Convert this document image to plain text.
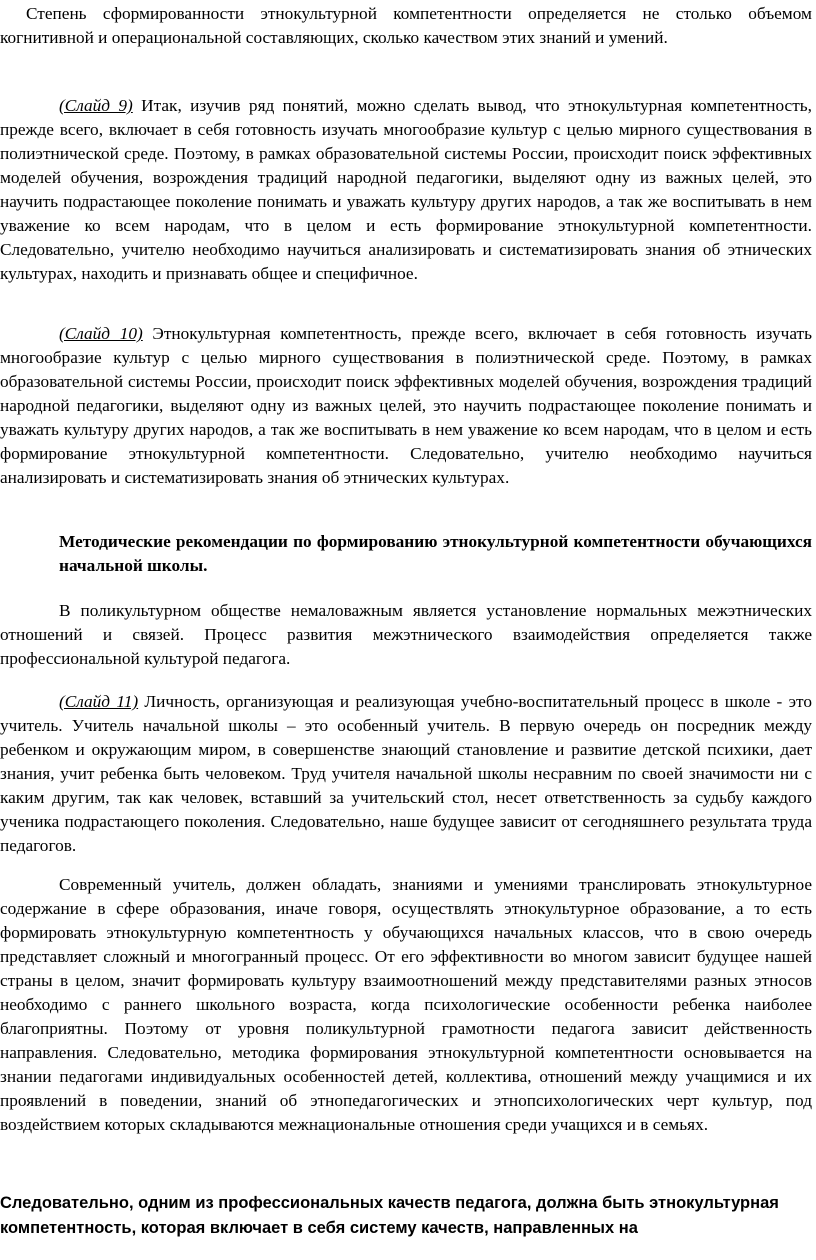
Степень сформированности этнокультурной компетентности определяется не столько объемом когнитивной и операциональной составляющих, сколько качеством этих знаний и умений.

(Слайд 9) Итак, изучив ряд понятий, можно сделать вывод, что этнокультурная компетентность, прежде всего, включает в себя готовность изучать многообразие культур с целью мирного существования в полиэтнической среде. Поэтому, в рамках образовательной системы России, происходит поиск эффективных моделей обучения, возрождения традиций народной педагогики, выделяют одну из важных целей, это научить подрастающее поколение понимать и уважать культуру других народов, а так же воспитывать в нем уважение ко всем народам, что в целом и есть формирование этнокультурной компетентности. Следовательно, учителю необходимо научиться анализировать и систематизировать знания об этнических культурах, находить и признавать общее и специфичное.

(Слайд 10) Этнокультурная компетентность, прежде всего, включает в себя готовность изучать многообразие культур с целью мирного существования в полиэтнической среде. Поэтому, в рамках образовательной системы России, происходит поиск эффективных моделей обучения, возрождения традиций народной педагогики, выделяют одну из важных целей, это научить подрастающее поколение понимать и уважать культуру других народов, а так же воспитывать в нем уважение ко всем народам, что в целом и есть формирование этнокультурной компетентности. Следовательно, учителю необходимо научиться анализировать и систематизировать знания об этнических культурах.

Методические рекомендации по формированию этнокультурной компетентности обучающихся начальной школы.

В поликультурном обществе немаловажным является установление нормальных межэтнических отношений и связей. Процесс развития межэтнического взаимодействия определяется также профессиональной культурой педагога.

(Слайд 11) Личность, организующая и реализующая учебно-воспитательный процесс в школе - это учитель. Учитель начальной школы – это особенный учитель. В первую очередь он посредник между ребенком и окружающим миром, в совершенстве знающий становление и развитие детской психики, дает знания, учит ребенка быть человеком. Труд учителя начальной школы несравним по своей значимости ни с каким другим, так как человек, вставший за учительский стол, несет ответственность за судьбу каждого ученика подрастающего поколения. Следовательно, наше будущее зависит от сегодняшнего результата труда педагогов.

Современный учитель, должен обладать, знаниями и умениями транслировать этнокультурное содержание в сфере образования, иначе говоря, осуществлять этнокультурное образование, а то есть формировать этнокультурную компетентность у обучающихся начальных классов, что в свою очередь представляет сложный и многогранный процесс. От его эффективности во многом зависит будущее нашей страны в целом, значит формировать культуру взаимоотношений между представителями разных этносов необходимо с раннего школьного возраста, когда психологические особенности ребенка наиболее благоприятны. Поэтому от уровня поликультурной грамотности педагога зависит действенность направления. Следовательно, методика формирования этнокультурной компетентности основывается на знании педагогами индивидуальных особенностей детей, коллектива, отношений между учащимися и их проявлений в поведении, знаний об этнопедагогических и этнопсихологических черт культур, под воздействием которых складываются межнациональные отношения среди учащихся и в семьях.

Следовательно, одним из профессиональных качеств педагога, должна быть этнокультурная компетентность, которая включает в себя систему качеств, направленных на
